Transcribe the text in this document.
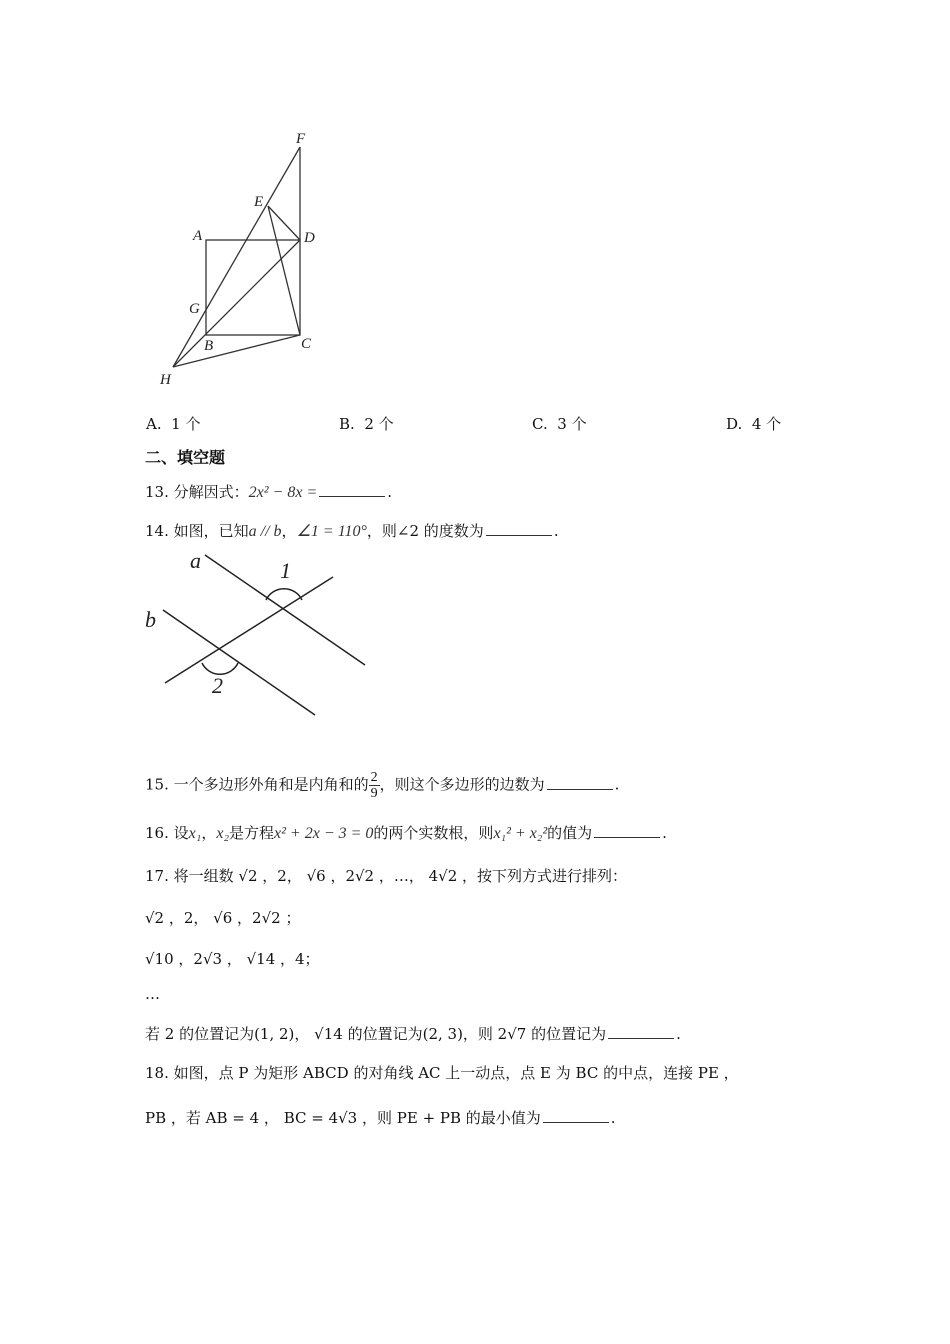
F
E
A	D
G
B	C
H
A. 1 个	B. 2 个	C. 3 个	D. 4 个
二、填空题
13. 分解因式：2x² − 8x =	.
14. 如图，已知a // b，∠1 = 110°，则∠2 的度数为	.
a	1
b
2
15. 一个多边形外角和是内角和的 $\frac{2}{9}$ ，则这个多边形的边数为	.
16. 设x₁，x₂是方程x² + 2x − 3 = 0的两个实数根，则x₁² + x₂²的值为	.
17. 将一组数 √2 ，2， √6 ，2√2 ，…， 4√2 ，按下列方式进行排列：
√2 ，2， √6 ，2√2 ；
√10 ，2√3 ， √14 ，4；
…
若 2 的位置记为(1, 2)， √14 的位置记为(2, 3)，则 2√7 的位置记为	.
18. 如图，点 P 为矩形 ABCD 的对角线 AC 上一动点，点 E 为 BC 的中点，连接 PE ，
PB ，若 AB = 4 ， BC = 4√3 ，则 PE + PB 的最小值为	.
